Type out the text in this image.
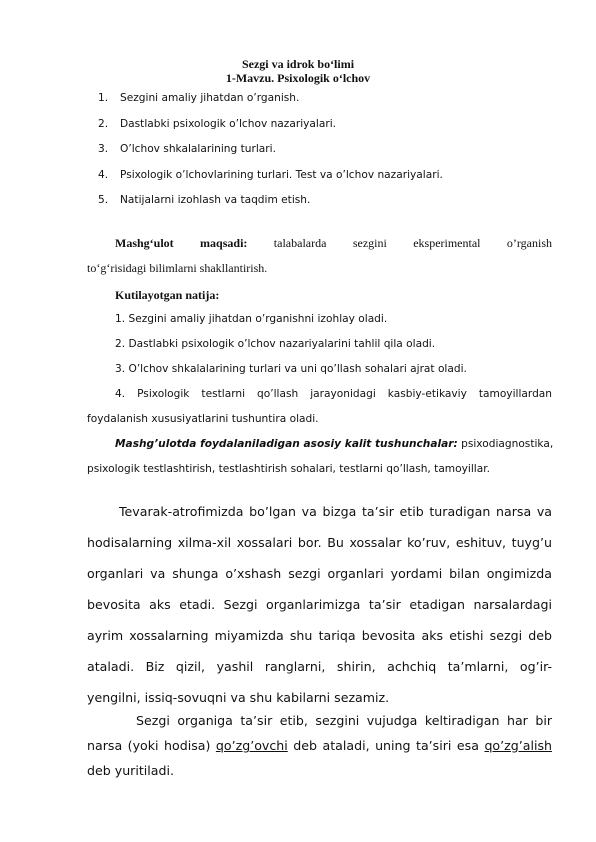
Sezgi va idrok bo‘limi
1-Mavzu. Psixologik o‘lchov
1. Sezgini amaliy jihatdan o’rganish.
2. Dastlabki psixologik o’lchov nazariyalari.
3. O’lchov shkalalarining turlari.
4. Psixologik o’lchovlarining turlari. Test va o’lchov nazariyalari.
5. Natijalarni izohlash va taqdim etish.
Mashg‘ulot maqsadi: talabalarda sezgini eksperimental o’rganish
to‘g‘risidagi bilimlarni shakllantirish.
Kutilayotgan natija:
1. Sezgini amaliy jihatdan o’rganishni izohlay oladi.
2. Dastlabki psixologik o’lchov nazariyalarini tahlil qila oladi.
3. O’lchov shkalalarining turlari va uni qo’llash sohalari ajrat oladi.
4. Psixologik testlarni qo’llash jarayonidagi kasbiy-etikaviy tamoyillardan
foydalanish xususiyatlarini tushuntira oladi.
Mashg’ulotda foydalaniladigan asosiy kalit tushunchalar: psixodiagnostika,
psixologik testlashtirish, testlashtirish sohalari, testlarni qo’llash, tamoyillar.
Tevarak-atrofimizda bo’lgan va bizga ta’sir etib turadigan narsa va
hodisalarning xilma-xil xossalari bor. Bu xossalar ko’ruv, eshituv, tuyg’u
organlari va shunga o’xshash sezgi organlari yordami bilan ongimizda
bevosita aks etadi. Sezgi organlarimizga ta’sir etadigan narsalardagi
ayrim xossalarning miyamizda shu tariqa bevosita aks etishi sezgi deb
ataladi. Biz qizil, yashil ranglarni, shirin, achchiq ta’mlarni, og’ir-
yengilni, issiq-sovuqni va shu kabilarni sezamiz.
Sezgi organiga ta’sir etib, sezgini vujudga keltiradigan har bir
narsa (yoki hodisa) qo’zg’ovchi deb ataladi, uning ta’siri esa qo’zg’alish
deb yuritiladi.
